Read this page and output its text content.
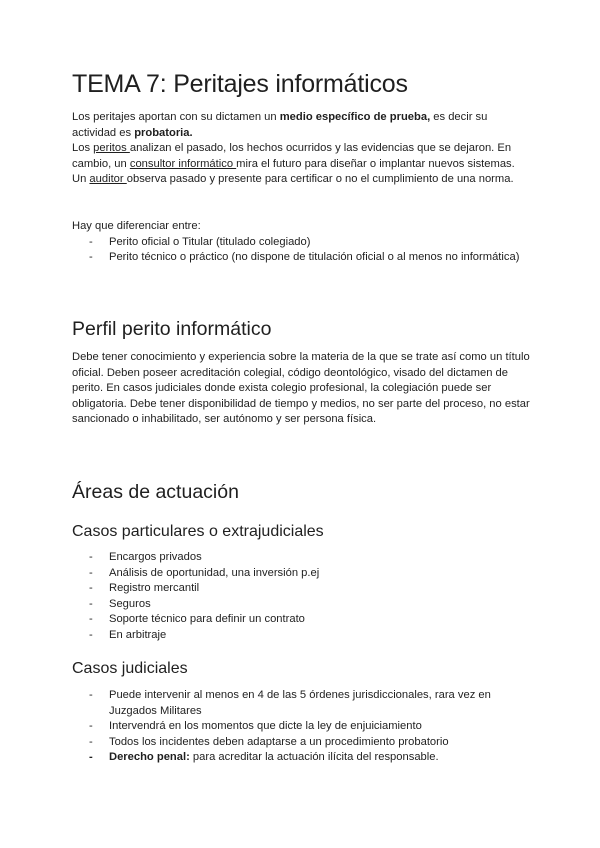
TEMA 7: Peritajes informáticos

Los peritajes aportan con su dictamen un medio específico de prueba, es decir su actividad es probatoria.

Los peritos analizan el pasado, los hechos ocurridos y las evidencias que se dejaron. En cambio, un consultor informático mira el futuro para diseñar o implantar nuevos sistemas. Un auditor observa pasado y presente para certificar o no el cumplimiento de una norma.

Hay que diferenciar entre:

- Perito oficial o Titular (titulado colegiado)
- Perito técnico o práctico (no dispone de titulación oficial o al menos no informática)
Perfil perito informático

Debe tener conocimiento y experiencia sobre la materia de la que se trate así como un título oficial. Deben poseer acreditación colegial, código deontológico, visado del dictamen de perito. En casos judiciales donde exista colegio profesional, la colegiación puede ser obligatoria. Debe tener disponibilidad de tiempo y medios, no ser parte del proceso, no estar sancionado o inhabilitado, ser autónomo y ser persona física.

Áreas de actuación
Casos particulares o extrajudiciales
- Encargos privados
- Análisis de oportunidad, una inversión p.ej
- Registro mercantil
- Seguros
- Soporte técnico para definir un contrato
- En arbitraje
Casos judiciales
- Puede intervenir al menos en 4 de las 5 órdenes jurisdiccionales, rara vez en Juzgados Militares
- Intervendrá en los momentos que dicte la ley de enjuiciamiento
- Todos los incidentes deben adaptarse a un procedimiento probatorio
- Derecho penal: para acreditar la actuación ilícita del responsable.
